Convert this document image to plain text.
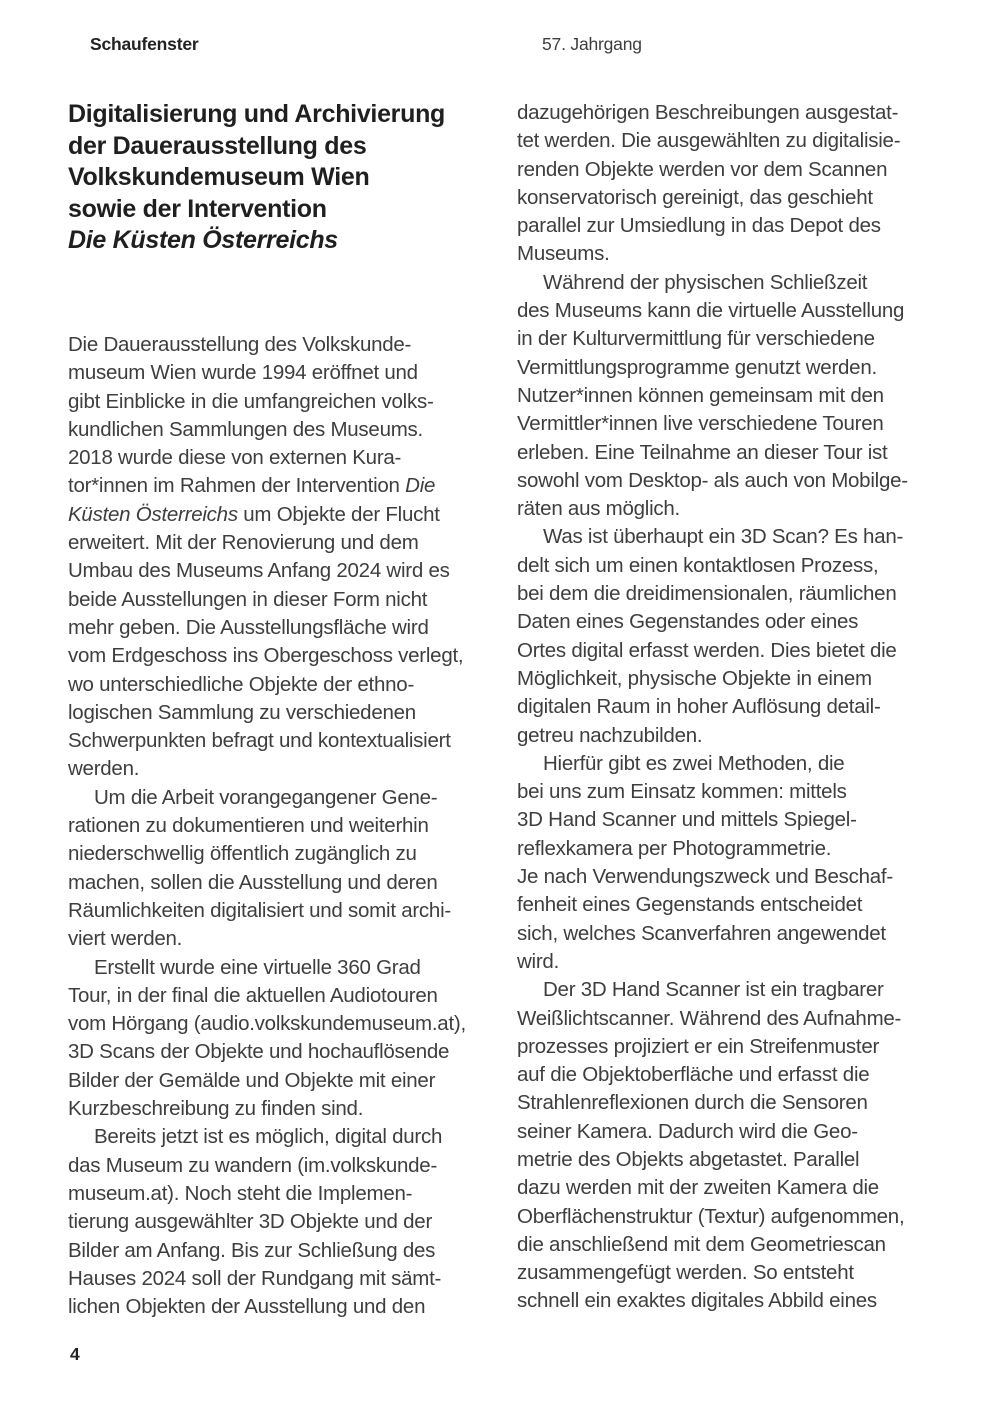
Schaufenster	57. Jahrgang
Digitalisierung und Archivierung
der Dauerausstellung des
Volkskundemuseum Wien
sowie der Intervention
Die Küsten Österreichs
Die Dauerausstellung des Volkskunde-
museum Wien wurde 1994 eröffnet und
gibt Einblicke in die umfangreichen volks-
kundlichen Sammlungen des Museums.
2018 wurde diese von externen Kura-
tor*innen im Rahmen der Intervention Die
Küsten Österreichs um Objekte der Flucht
erweitert. Mit der Renovierung und dem
Umbau des Museums Anfang 2024 wird es
beide Ausstellungen in dieser Form nicht
mehr geben. Die Ausstellungsfläche wird
vom Erdgeschoss ins Obergeschoss verlegt,
wo unterschiedliche Objekte der ethno-
logischen Sammlung zu verschiedenen
Schwerpunkten befragt und kontextualisiert
werden.
Um die Arbeit vorangegangener Gene-
rationen zu dokumentieren und weiterhin
niederschwellig öffentlich zugänglich zu
machen, sollen die Ausstellung und deren
Räumlichkeiten digitalisiert und somit archi-
viert werden.
Erstellt wurde eine virtuelle 360 Grad
Tour, in der final die aktuellen Audiotouren
vom Hörgang (audio.volkskundemuseum.at),
3D Scans der Objekte und hochauflösende
Bilder der Gemälde und Objekte mit einer
Kurzbeschreibung zu finden sind.
Bereits jetzt ist es möglich, digital durch
das Museum zu wandern (im.volkskunde-
museum.at). Noch steht die Implemen-
tierung ausgewählter 3D Objekte und der
Bilder am Anfang. Bis zur Schließung des
Hauses 2024 soll der Rundgang mit sämt-
lichen Objekten der Ausstellung und den
dazugehörigen Beschreibungen ausgestat-
tet werden. Die ausgewählten zu digitalisie-
renden Objekte werden vor dem Scannen
konservatorisch gereinigt, das geschieht
parallel zur Umsiedlung in das Depot des
Museums.
Während der physischen Schließzeit
des Museums kann die virtuelle Ausstellung
in der Kulturvermittlung für verschiedene
Vermittlungsprogramme genutzt werden.
Nutzer*innen können gemeinsam mit den
Vermittler*innen live verschiedene Touren
erleben. Eine Teilnahme an dieser Tour ist
sowohl vom Desktop- als auch von Mobilge-
räten aus möglich.
Was ist überhaupt ein 3D Scan? Es han-
delt sich um einen kontaktlosen Prozess,
bei dem die dreidimensionalen, räumlichen
Daten eines Gegenstandes oder eines
Ortes digital erfasst werden. Dies bietet die
Möglichkeit, physische Objekte in einem
digitalen Raum in hoher Auflösung detail-
getreu nachzubilden.
Hierfür gibt es zwei Methoden, die
bei uns zum Einsatz kommen: mittels
3D Hand Scanner und mittels Spiegel-
reflexkamera per Photogrammetrie.
Je nach Verwendungszweck und Beschaf-
fenheit eines Gegenstands entscheidet
sich, welches Scanverfahren angewendet
wird.
Der 3D Hand Scanner ist ein tragbarer
Weißlichtscanner. Während des Aufnahme-
prozesses projiziert er ein Streifenmuster
auf die Objektoberfläche und erfasst die
Strahlenreflexionen durch die Sensoren
seiner Kamera. Dadurch wird die Geo-
metrie des Objekts abgetastet. Parallel
dazu werden mit der zweiten Kamera die
Oberflächenstruktur (Textur) aufgenommen,
die anschließend mit dem Geometriescan
zusammengefügt werden. So entsteht
schnell ein exaktes digitales Abbild eines
4
